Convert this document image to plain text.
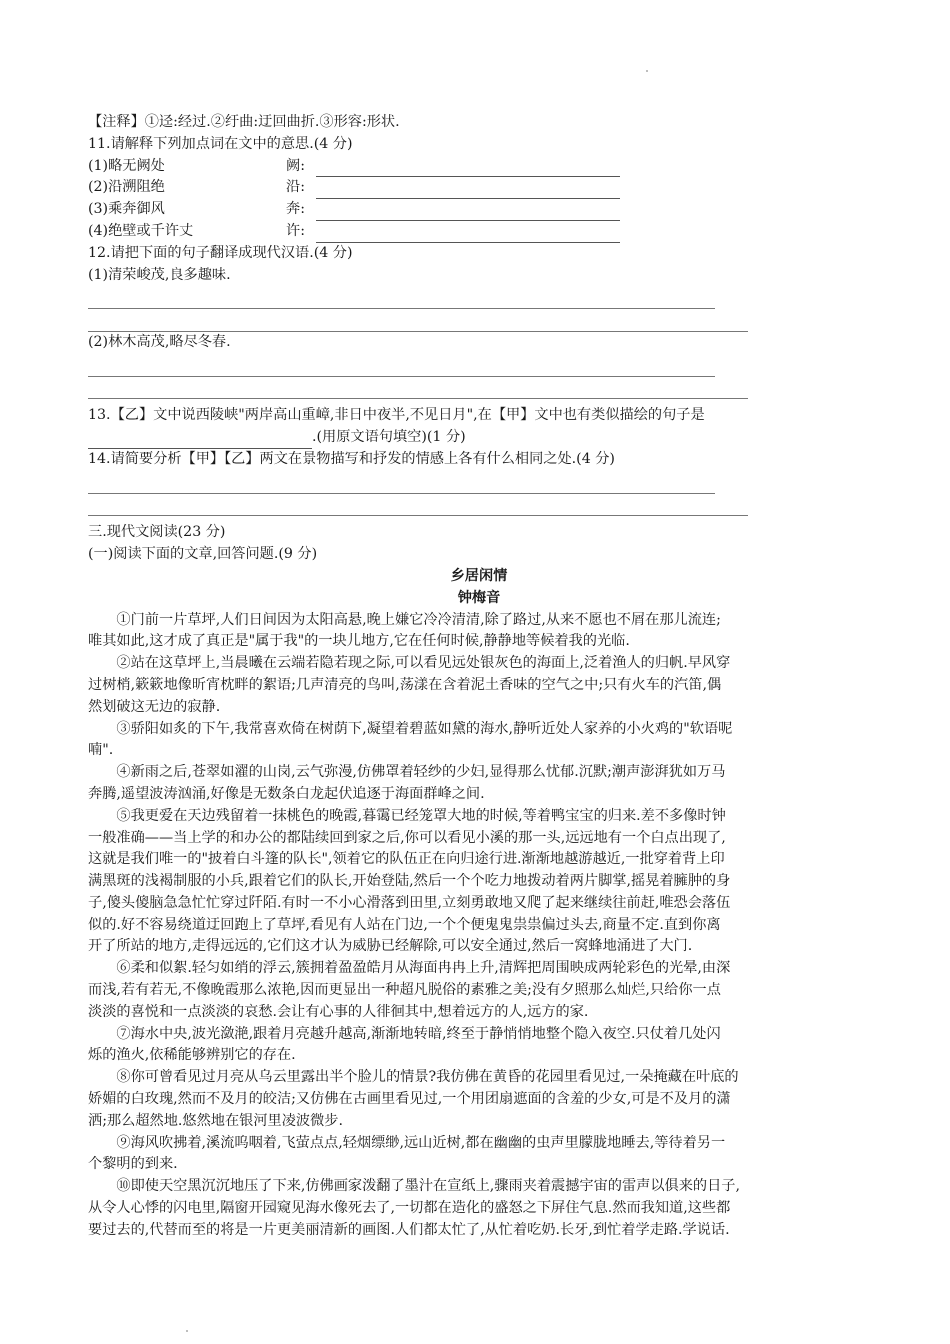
【注释】①迳:经过.②纡曲:迂回曲折.③形容:形状.
11.请解释下列加点词在文中的意思.(4 分)
(1)略无阙处	阙:
(2)沿溯阻绝	沿:
(3)乘奔御风	奔:
(4)绝壁或千许丈	许:
12.请把下面的句子翻译成现代汉语.(4 分)
(1)清荣峻茂,良多趣味.
(2)林木高茂,略尽冬春.
13.【乙】文中说西陵峡"两岸高山重嶂,非日中夜半,不见日月",在【甲】文中也有类似描绘的句子是
.(用原文语句填空)(1 分)
14.请简要分析【甲】【乙】两文在景物描写和抒发的情感上各有什么相同之处.(4 分)
三.现代文阅读(23 分)
(一)阅读下面的文章,回答问题.(9 分)
乡居闲情
钟梅音
①门前一片草坪,人们日间因为太阳高悬,晚上嫌它冷冷清清,除了路过,从来不愿也不屑在那儿流连;
唯其如此,这才成了真正是"属于我"的一块儿地方,它在任何时候,静静地等候着我的光临.
②站在这草坪上,当晨曦在云端若隐若现之际,可以看见远处银灰色的海面上,泛着渔人的归帆.早风穿
过树梢,簌簌地像昕宵枕畔的絮语;几声清亮的鸟叫,荡漾在含着泥土香味的空气之中;只有火车的汽笛,偶
然划破这无边的寂静.
③骄阳如炙的下午,我常喜欢倚在树荫下,凝望着碧蓝如黛的海水,静听近处人家养的小火鸡的"软语呢
喃".
④新雨之后,苍翠如濯的山岗,云气弥漫,仿佛罩着轻纱的少妇,显得那么忧郁.沉默;潮声澎湃犹如万马
奔腾,遥望波涛汹涌,好像是无数条白龙起伏追逐于海面群峰之间.
⑤我更爱在天边残留着一抹桃色的晚霞,暮霭已经笼罩大地的时候,等着鸭宝宝的归来.差不多像时钟
一般准确——当上学的和办公的都陆续回到家之后,你可以看见小溪的那一头,远远地有一个白点出现了,
这就是我们唯一的"披着白斗篷的队长",领着它的队伍正在向归途行进.渐渐地越游越近,一批穿着背上印
满黑斑的浅褐制服的小兵,跟着它们的队长,开始登陆,然后一个个吃力地拨动着两片脚掌,摇晃着臃肿的身
子,傻头傻脑急急忙忙穿过阡陌.有时一不小心滑落到田里,立刻勇敢地又爬了起来继续往前赶,唯恐会落伍
似的.好不容易绕道迂回跑上了草坪,看见有人站在门边,一个个便鬼鬼祟祟偏过头去,商量不定.直到你离
开了所站的地方,走得远远的,它们这才认为威胁已经解除,可以安全通过,然后一窝蜂地涌进了大门.
⑥柔和似絮.轻匀如绡的浮云,簇拥着盈盈皓月从海面冉冉上升,清辉把周围映成两轮彩色的光晕,由深
而浅,若有若无,不像晚霞那么浓艳,因而更显出一种超凡脱俗的素雅之美;没有夕照那么灿烂,只给你一点
淡淡的喜悦和一点淡淡的哀愁.会让有心事的人徘徊其中,想着远方的人,远方的家.
⑦海水中央,波光潋滟,跟着月亮越升越高,渐渐地转暗,终至于静悄悄地整个隐入夜空.只仗着几处闪
烁的渔火,依稀能够辨别它的存在.
⑧你可曾看见过月亮从乌云里露出半个脸儿的情景?我仿佛在黄昏的花园里看见过,一朵掩藏在叶底的
娇媚的白玫瑰,然而不及月的皎洁;又仿佛在古画里看见过,一个用团扇遮面的含羞的少女,可是不及月的潇
洒;那么超然地.悠然地在银河里凌波微步.
⑨海风吹拂着,溪流呜咽着,飞萤点点,轻烟缥缈,远山近树,都在幽幽的虫声里朦胧地睡去,等待着另一
个黎明的到来.
⑩即使天空黑沉沉地压了下来,仿佛画家泼翻了墨汁在宣纸上,骤雨夹着震撼宇宙的雷声以俱来的日子,
从令人心悸的闪电里,隔窗开园窥见海水像死去了,一切都在造化的盛怒之下屏住气息.然而我知道,这些都
要过去的,代替而至的将是一片更美丽清新的画图.人们都太忙了,从忙着吃奶.长牙,到忙着学走路.学说话.
